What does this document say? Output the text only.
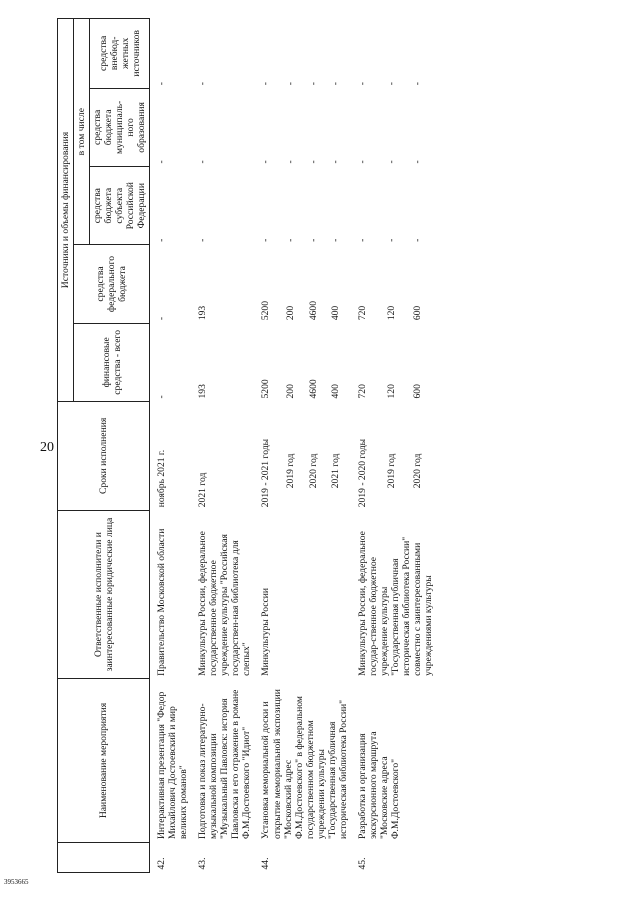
20
3953665
	Наименование мероприятия	Ответственные исполнители и заинтересованные юридические лица	Сроки исполнения	Источники и объемы финансирования				
				финансовые средства - всего	средства федерального бюджета	в том числе		
						средства бюджета субъекта Российской Федерации	средства бюджета муниципаль- ного образования	средства внебюд- жетных источников
42.	Интерактивная презентация "Федор Михайлович Достоевский и мир великих романов"	Правительство Московской области	ноябрь 2021 г.	-	-	-	-	-
43.	Подготовка и показ литературно-музыкальной композиции "Музыкальный Павловск: история Павловска и его отражение в романе Ф.М.Достоевского "Идиот"	Минкультуры России, федеральное государственное бюджетное учреждение культуры "Российская государствен-ная библиотека для слепых"	2021 год	193	193	-	-	-
44.	Установка мемориальной доски и открытие мемориальной экспозиции "Московский адрес Ф.М.Достоевского" в федеральном государственном бюджетном учреждении культуры "Государственная публичная историческая библиотека России"	Минкультуры России	2019 - 2021 годы	5200	5200	-	-	-
			2019 год	200	200	-	-	-
			2020 год	4600	4600	-	-	-
			2021 год	400	400	-	-	-
45.	Разработка и организация экскурсионного маршрута "Московские адреса Ф.М.Достоевского"	Минкультуры России, федеральное государ-ственное бюджетное учреждение культуры "Государственная публичная историческая библиотека России" совместно с заинтересованными учреждениями культуры	2019 - 2020 годы	720	720	-	-	-
			2019 год	120	120	-	-	-
			2020 год	600	600	-	-	-
